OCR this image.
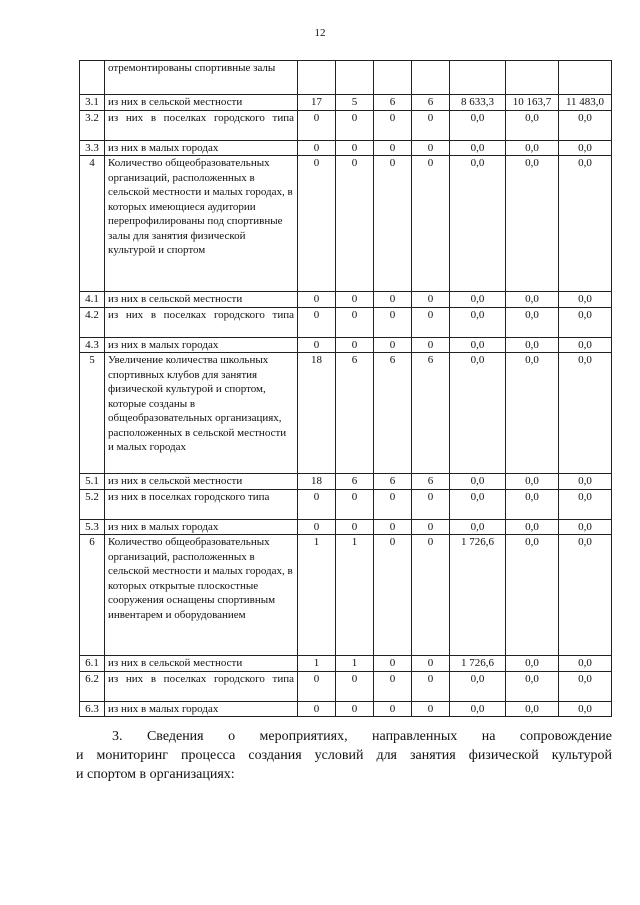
12
	отремонтированы спортивные залы							
3.1	из них в сельской местности	17	5	6	6	8 633,3	10 163,7	11 483,0
3.2	из них в поселках городского типа	0	0	0	0	0,0	0,0	0,0
3.3	из них в малых городах	0	0	0	0	0,0	0,0	0,0
4	Количество общеобразовательных организаций, расположенных в сельской местности и малых городах, в которых имеющиеся аудитории перепрофилированы под спортивные залы для занятия физической культурой и спортом	0	0	0	0	0,0	0,0	0,0
4.1	из них в сельской местности	0	0	0	0	0,0	0,0	0,0
4.2	из них в поселках городского типа	0	0	0	0	0,0	0,0	0,0
4.3	из них в малых городах	0	0	0	0	0,0	0,0	0,0
5	Увеличение количества школьных спортивных клубов для занятия физической культурой и спортом, которые созданы в общеобразовательных организациях, расположенных в сельской местности и малых городах	18	6	6	6	0,0	0,0	0,0
5.1	из них в сельской местности	18	6	6	6	0,0	0,0	0,0
5.2	из них в поселках городского типа	0	0	0	0	0,0	0,0	0,0
5.3	из них в малых городах	0	0	0	0	0,0	0,0	0,0
6	Количество общеобразовательных организаций, расположенных в сельской местности и малых городах, в которых открытые плоскостные сооружения оснащены спортивным инвентарем и оборудованием	1	1	0	0	1 726,6	0,0	0,0
6.1	из них в сельской местности	1	1	0	0	1 726,6	0,0	0,0
6.2	из них в поселках городского типа	0	0	0	0	0,0	0,0	0,0
6.3	из них в малых городах	0	0	0	0	0,0	0,0	0,0
3. Сведения о мероприятиях, направленных на сопровождение
и мониторинг процесса создания условий для занятия физической культурой
и спортом в организациях:
